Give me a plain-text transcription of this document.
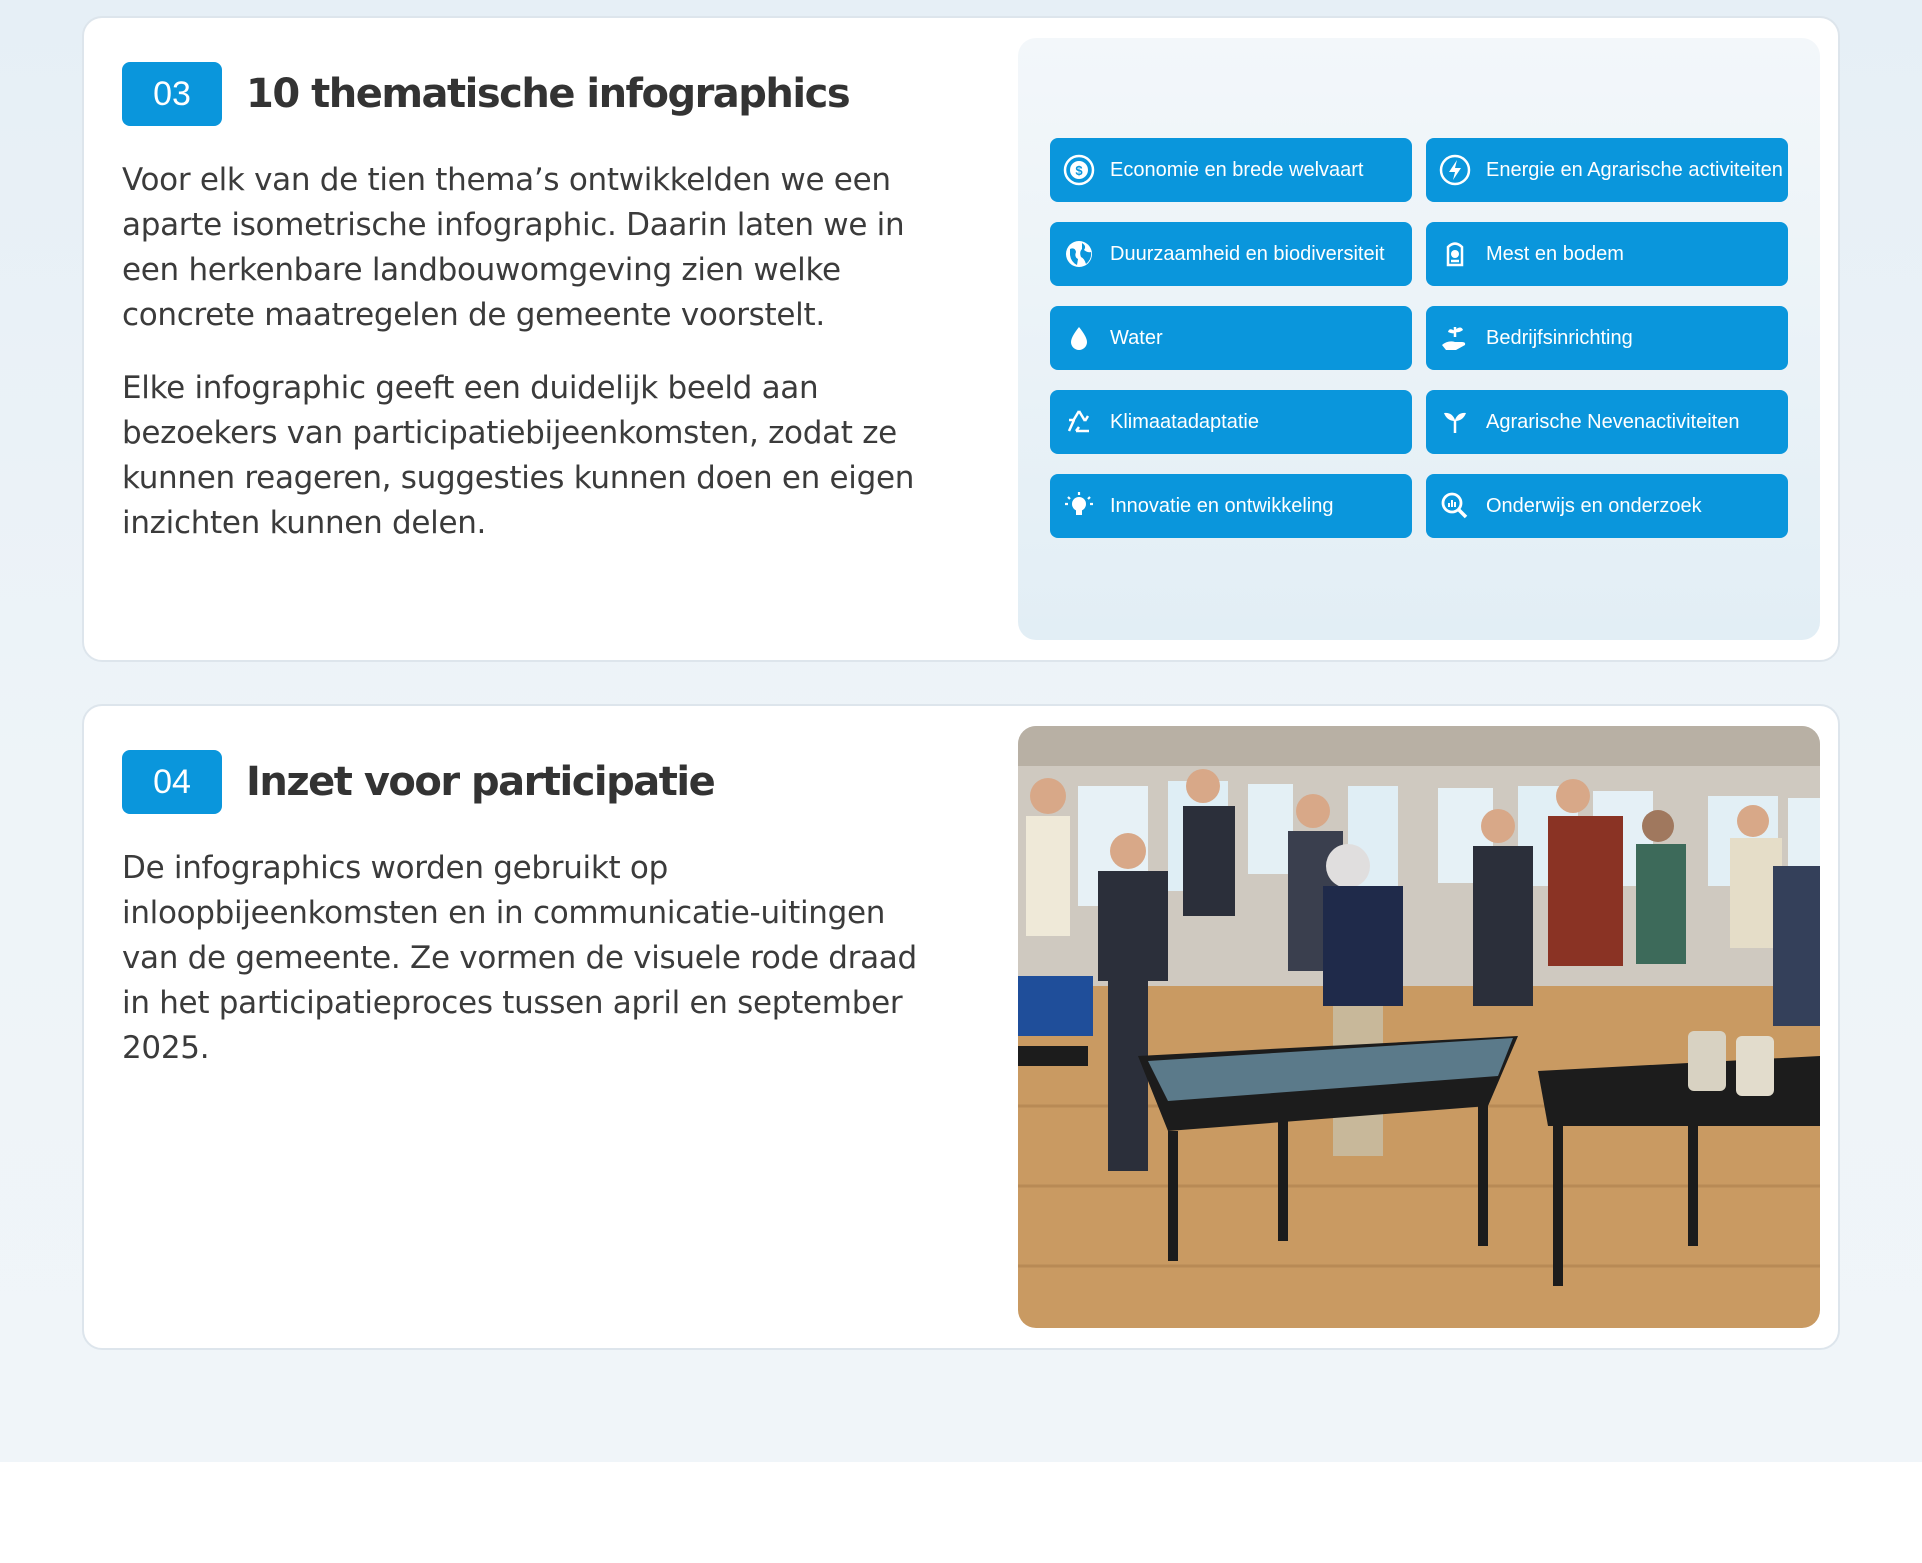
03	10 thematische infographics

Voor elk van de tien thema’s ontwikkelden we een aparte isometrische infographic. Daarin laten we in een herkenbare landbouwomgeving zien welke concrete maatregelen de gemeente voorstelt.

Elke infographic geeft een duidelijk beeld aan bezoekers van participatiebijeenkomsten, zodat ze kunnen reageren, suggesties kunnen doen en eigen inzichten kunnen delen.

$ Economie en brede welvaart	Energie en Agrarische activiteiten
Duurzaamheid en biodiversiteit	Mest en bodem
Water	Bedrijfsinrichting
Klimaatadaptatie	Agrarische Nevenactiviteiten
Innovatie en ontwikkeling	Onderwijs en onderzoek
04	Inzet voor participatie

De infographics worden gebruikt op inloopbijeenkomsten en in communicatie-uitingen van de gemeente. Ze vormen de visuele rode draad in het participatieproces tussen april en september 2025.
